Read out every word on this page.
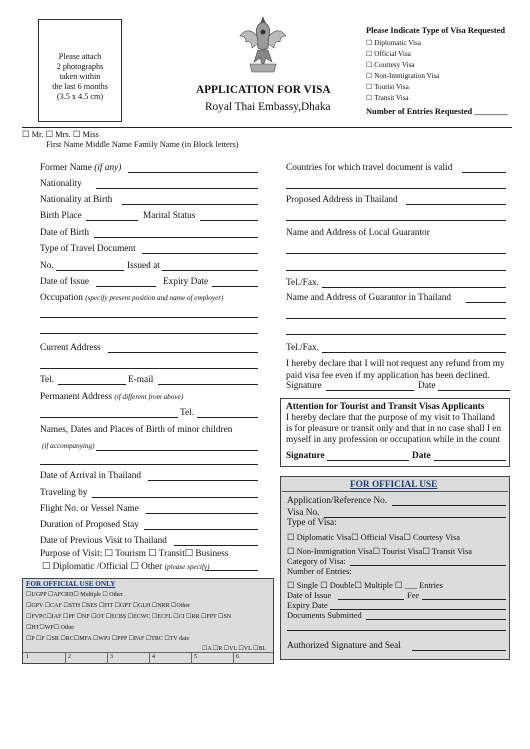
Please attach
2 photographs
taken within
the last 6 months
(3.5 x 4.5 cm)
APPLICATION FOR VISA
Royal Thai Embassy,Dhaka
Please Indicate Type of Visa Requested
☐ Diplomatic Visa
☐ Official Visa
☐ Courtesy Visa
☐ Non-Immigration Visa
☐ Tourist Visa
☐ Transit Visa
Number of Entries Requested ________
☐ Mr. ☐ Mrs. ☐ Miss
First Name Middle Name Family Name (in Block letters)
Former Name (if any)
Nationality
Nationality at Birth
Birth Place	Marital Status
Date of Birth
Type of Travel Document
No.	Issued at
Date of Issue	Expiry Date
Occupation (specify present position and name of employer)
Current Address
Tel.	E-mail
Permanent Address (if different from above)
Tel.
Names, Dates and Places of Birth of minor children
(if accompanying)
Date of Arrival in Thailand
Traveling by
Flight No. or Vessel Name
Duration of Proposed Stay
Date of Previous Visit to Thailand
Purpose of Visit: ☐ Tourism ☐ Transit☐ Business
☐ Diplomatic /Official ☐ Other (please specify)
Countries for which travel document is valid
Proposed Address in Thailand
Name and Address of Local Guarantor
Tel./Fax.
Name and Address of Guarantor in Thailand
Tel./Fax.
I hereby declare that I will not request any refund from my
paid visa fee even if my application has been declined.
Signature	Date
Attention for Tourist and Transit Visas Applicants
I hereby declare that the purpose of my visit to Thailand
is for pleasure or transit only and that in no case shall I en
myself in any profession or occupation while in the count
Signature	Date
FOR OFFICIAL USE
Application/Reference No.
Visa No.
Type of Visa:
☐ Diplomatic Visa☐ Official Visa☐ Courtesy Visa
☐ Non-Immigration Visa☐ Tourist Visa☐ Transit Visa
Category of Visa:
Number of Entries:
☐ Single ☐ Double☐ Multiple ☐ ___ Entries
Date of Issue	Fee
Expiry Date
Documents Submitted
Authorized Signature and Seal
FOR OFFICIAL USE ONLY
☐UGPP ☐AFCRD☐ Multiple ☐ Other
☐GPV ☐CAF ☐STH ☐SES ☐FIT ☐GPT ☐GLH ☐NRR ☐Other
☐FVPC☐IAF ☐PF ☐NF ☐OT ☐ECBS ☐ECWC ☐ECFL ☐CI ☐RR ☐FPT ☐SN
☐HT☐WP☐ Other
☐P ☐F ☐SR ☐RC☐MFA ☐WP3 ☐PPP ☐PAF ☐TRC ☐TV date
☐A ☐R ☐VL ☐VL ☐BL
1	2	3	4	5	6
